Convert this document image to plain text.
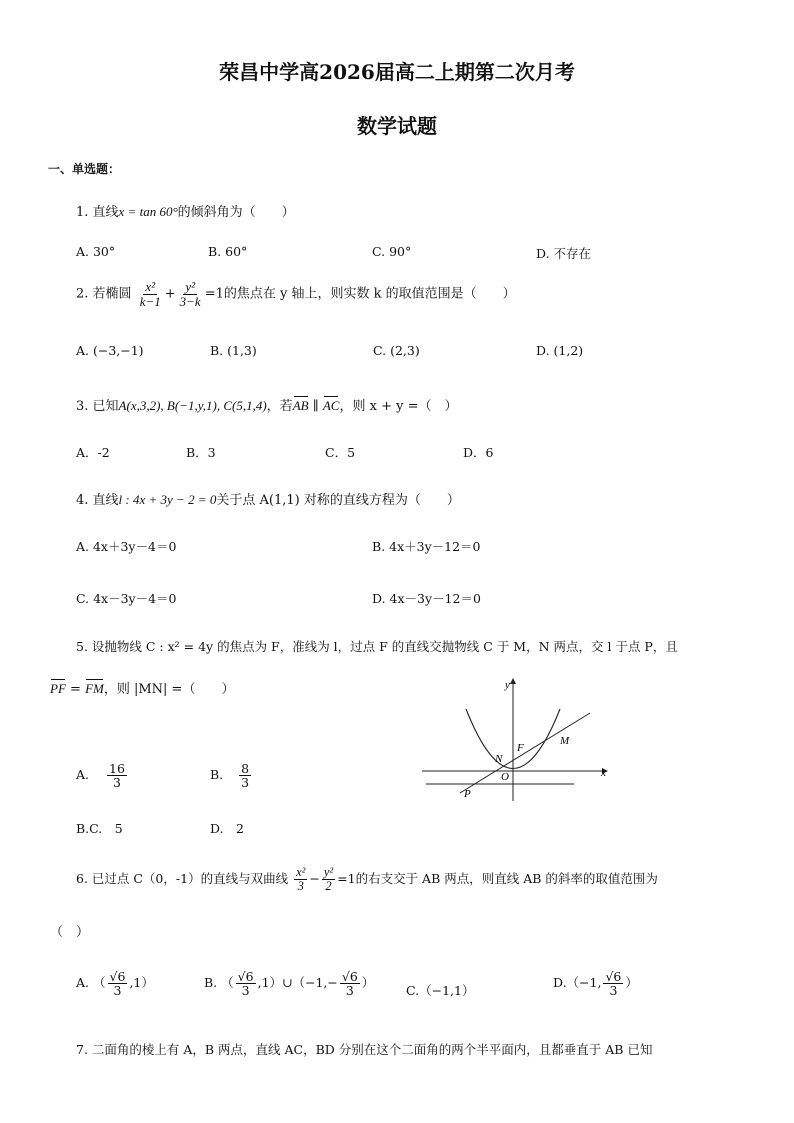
荣昌中学高2026届高二上期第二次月考
数学试题
一、单选题：
1. 直线x = tan 60°的倾斜角为（　　）
A. 30°	B. 60°	C. 90°	D. 不存在
2. 若椭圆 $\frac{\text{x²}}{k-1} + \frac{\text{y²}}{3-k} =1$的焦点在 y 轴上，则实数 k 的取值范围是（　　）
A. (−3,−1)	B. (1,3)	C. (2,3)	D. (1,2)
3. 已知A(x,3,2), B(−1,y,1), C(5,1,4)，若AB ∥ AC，则 x + y =（　）
A．-2	B．3	C．5	D．6
4. 直线l : 4x + 3y − 2 = 0关于点 A(1,1) 对称的直线方程为（　　）
A. 4x＋3y－4＝0	B. 4x＋3y－12＝0
C. 4x－3y－4＝0	D. 4x－3y－12＝0
5. 设抛物线 C : x² = 4y 的焦点为 F，准线为 l，过点 F 的直线交抛物线 C 于 M，N 两点，交 l 于点 P，且
PF = FM，则 |MN| =（　　）
A. $\frac{16}{3}$	B. $\frac{8}{3}$
B.C.　5	D.　2
x
y
M
N
F
O
P
6. 已过点 C（0，-1）的直线与双曲线 $\frac{\text{x²}}{3} - \frac{\text{y²}}{2} =1$的右支交于 AB 两点，则直线 AB 的斜率的取值范围为
（　）
A. （ $\frac{√6}{3} ,1$）	B. （ $\frac{√6}{3}$ ,1）∪（−1,− $\frac{√6}{3}$ ）
C.（−1,1）
D.（−1, $\frac{√6}{3}$ ）
7. 二面角的棱上有 A，B 两点，直线 AC，BD 分别在这个二面角的两个半平面内，且都垂直于 AB 已知
